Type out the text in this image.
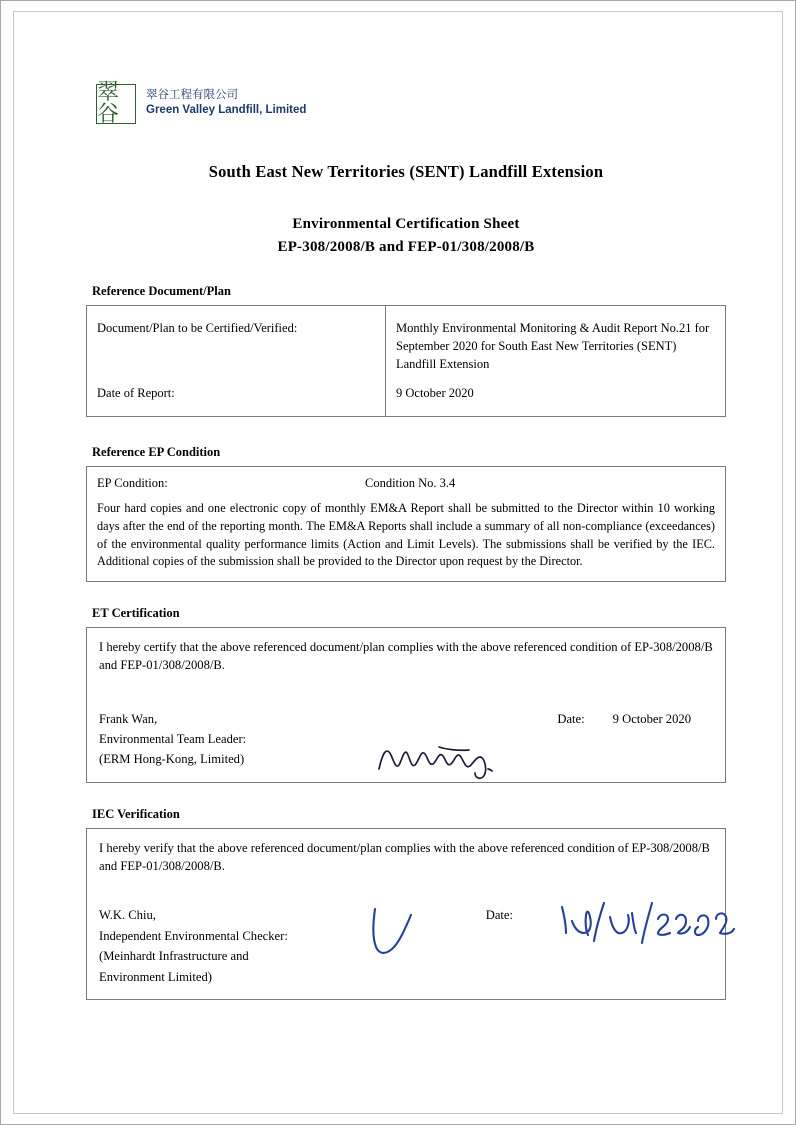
翠谷
翠谷工程有限公司
Green Valley Landfill, Limited
South East New Territories (SENT) Landfill Extension
Environmental Certification Sheet
EP-308/2008/B and FEP-01/308/2008/B
Reference Document/Plan
Document/Plan to be Certified/Verified:	Monthly Environmental Monitoring & Audit Report No.21 for September 2020 for South East New Territories (SENT) Landfill Extension
Date of Report:	9 October 2020
Reference EP Condition
EP Condition:	Condition No. 3.4
Four hard copies and one electronic copy of monthly EM&A Report shall be submitted to the Director within 10 working days after the end of the reporting month. The EM&A Reports shall include a summary of all non-compliance (exceedances) of the environmental quality performance limits (Action and Limit Levels). The submissions shall be verified by the IEC. Additional copies of the submission shall be provided to the Director upon request by the Director.
ET Certification
I hereby certify that the above referenced document/plan complies with the above referenced condition of EP-308/2008/B and FEP-01/308/2008/B.
Frank Wan,
Environmental Team Leader:
(ERM Hong-Kong, Limited)
Date: 9 October 2020
IEC Verification
I hereby verify that the above referenced document/plan complies with the above referenced condition of EP-308/2008/B and FEP-01/308/2008/B.
W.K. Chiu,
Independent Environmental Checker:
(Meinhardt Infrastructure and
Environment Limited)
Date:
